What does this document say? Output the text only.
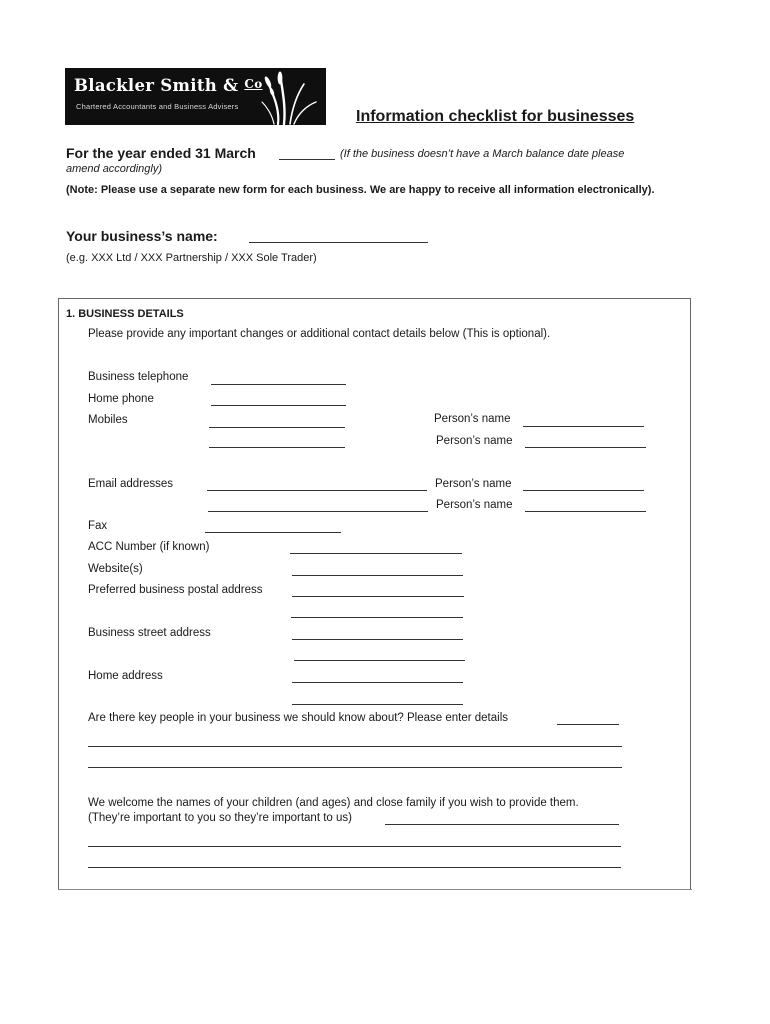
Blackler Smith & Co
Chartered Accountants and Business Advisers
Information checklist for businesses
For the year ended 31 March	(If the business doesn’t have a March balance date please
amend accordingly)
(Note: Please use a separate new form for each business. We are happy to receive all information electronically).
Your business’s name:
(e.g. XXX Ltd / XXX Partnership / XXX Sole Trader)
1. BUSINESS DETAILS
Please provide any important changes or additional contact details below (This is optional).
Business telephone
Home phone
Mobiles	Person’s name
Person’s name
Email addresses	Person’s name
Person’s name
Fax
ACC Number (if known)
Website(s)
Preferred business postal address
Business street address
Home address
Are there key people in your business we should know about? Please enter details
We welcome the names of your children (and ages) and close family if you wish to provide them.
(They’re important to you so they’re important to us)
